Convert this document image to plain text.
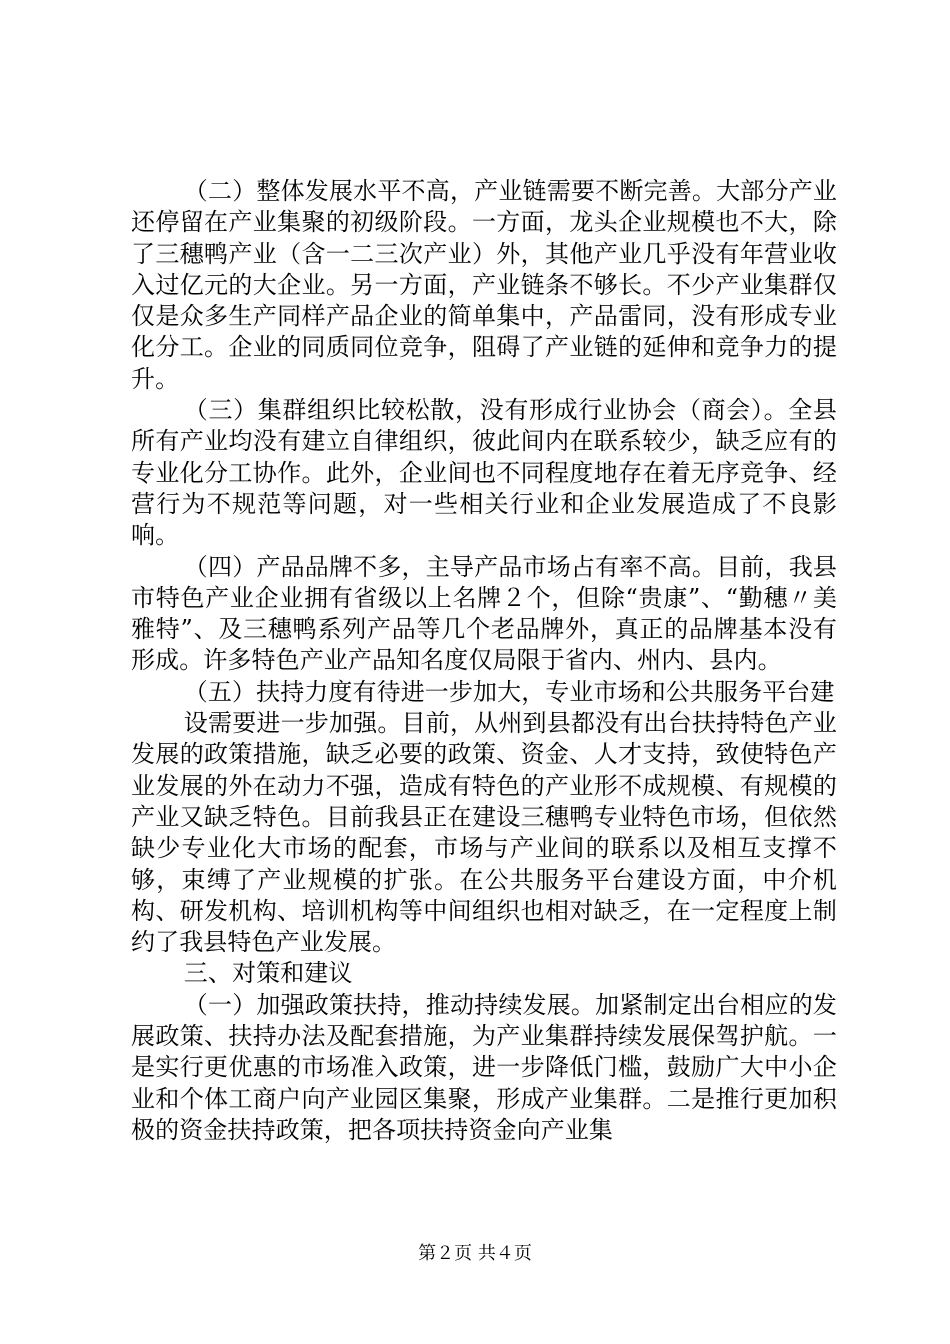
（二）整体发展水平不高，产业链需要不断完善。大部分产业还停留在产业集聚的初级阶段。一方面，龙头企业规模也不大，除了三穗鸭产业（含一二三次产业）外，其他产业几乎没有年营业收入过亿元的大企业。另一方面，产业链条不够长。不少产业集群仅仅是众多生产同样产品企业的简单集中，产品雷同，没有形成专业化分工。企业的同质同位竞争，阻碍了产业链的延伸和竞争力的提升。

（三）集群组织比较松散，没有形成行业协会（商会）。全县所有产业均没有建立自律组织，彼此间内在联系较少，缺乏应有的专业化分工协作。此外，企业间也不同程度地存在着无序竞争、经营行为不规范等问题，对一些相关行业和企业发展造成了不良影响。

（四）产品品牌不多，主导产品市场占有率不高。目前，我县市特色产业企业拥有省级以上名牌２个，但除“贵康”、“勤穗〃美雅特”、及三穗鸭系列产品等几个老品牌外，真正的品牌基本没有形成。许多特色产业产品知名度仅局限于省内、州内、县内。

（五）扶持力度有待进一步加大，专业市场和公共服务平台建

设需要进一步加强。目前，从州到县都没有出台扶持特色产业发展的政策措施，缺乏必要的政策、资金、人才支持，致使特色产业发展的外在动力不强，造成有特色的产业形不成规模、有规模的产业又缺乏特色。目前我县正在建设三穗鸭专业特色市场，但依然缺少专业化大市场的配套，市场与产业间的联系以及相互支撑不够，束缚了产业规模的扩张。在公共服务平台建设方面，中介机构、研发机构、培训机构等中间组织也相对缺乏，在一定程度上制约了我县特色产业发展。

三、对策和建议

（一）加强政策扶持，推动持续发展。加紧制定出台相应的发展政策、扶持办法及配套措施，为产业集群持续发展保驾护航。一是实行更优惠的市场准入政策，进一步降低门槛，鼓励广大中小企业和个体工商户向产业园区集聚，形成产业集群。二是推行更加积极的资金扶持政策，把各项扶持资金向产业集

第２页 共４页
